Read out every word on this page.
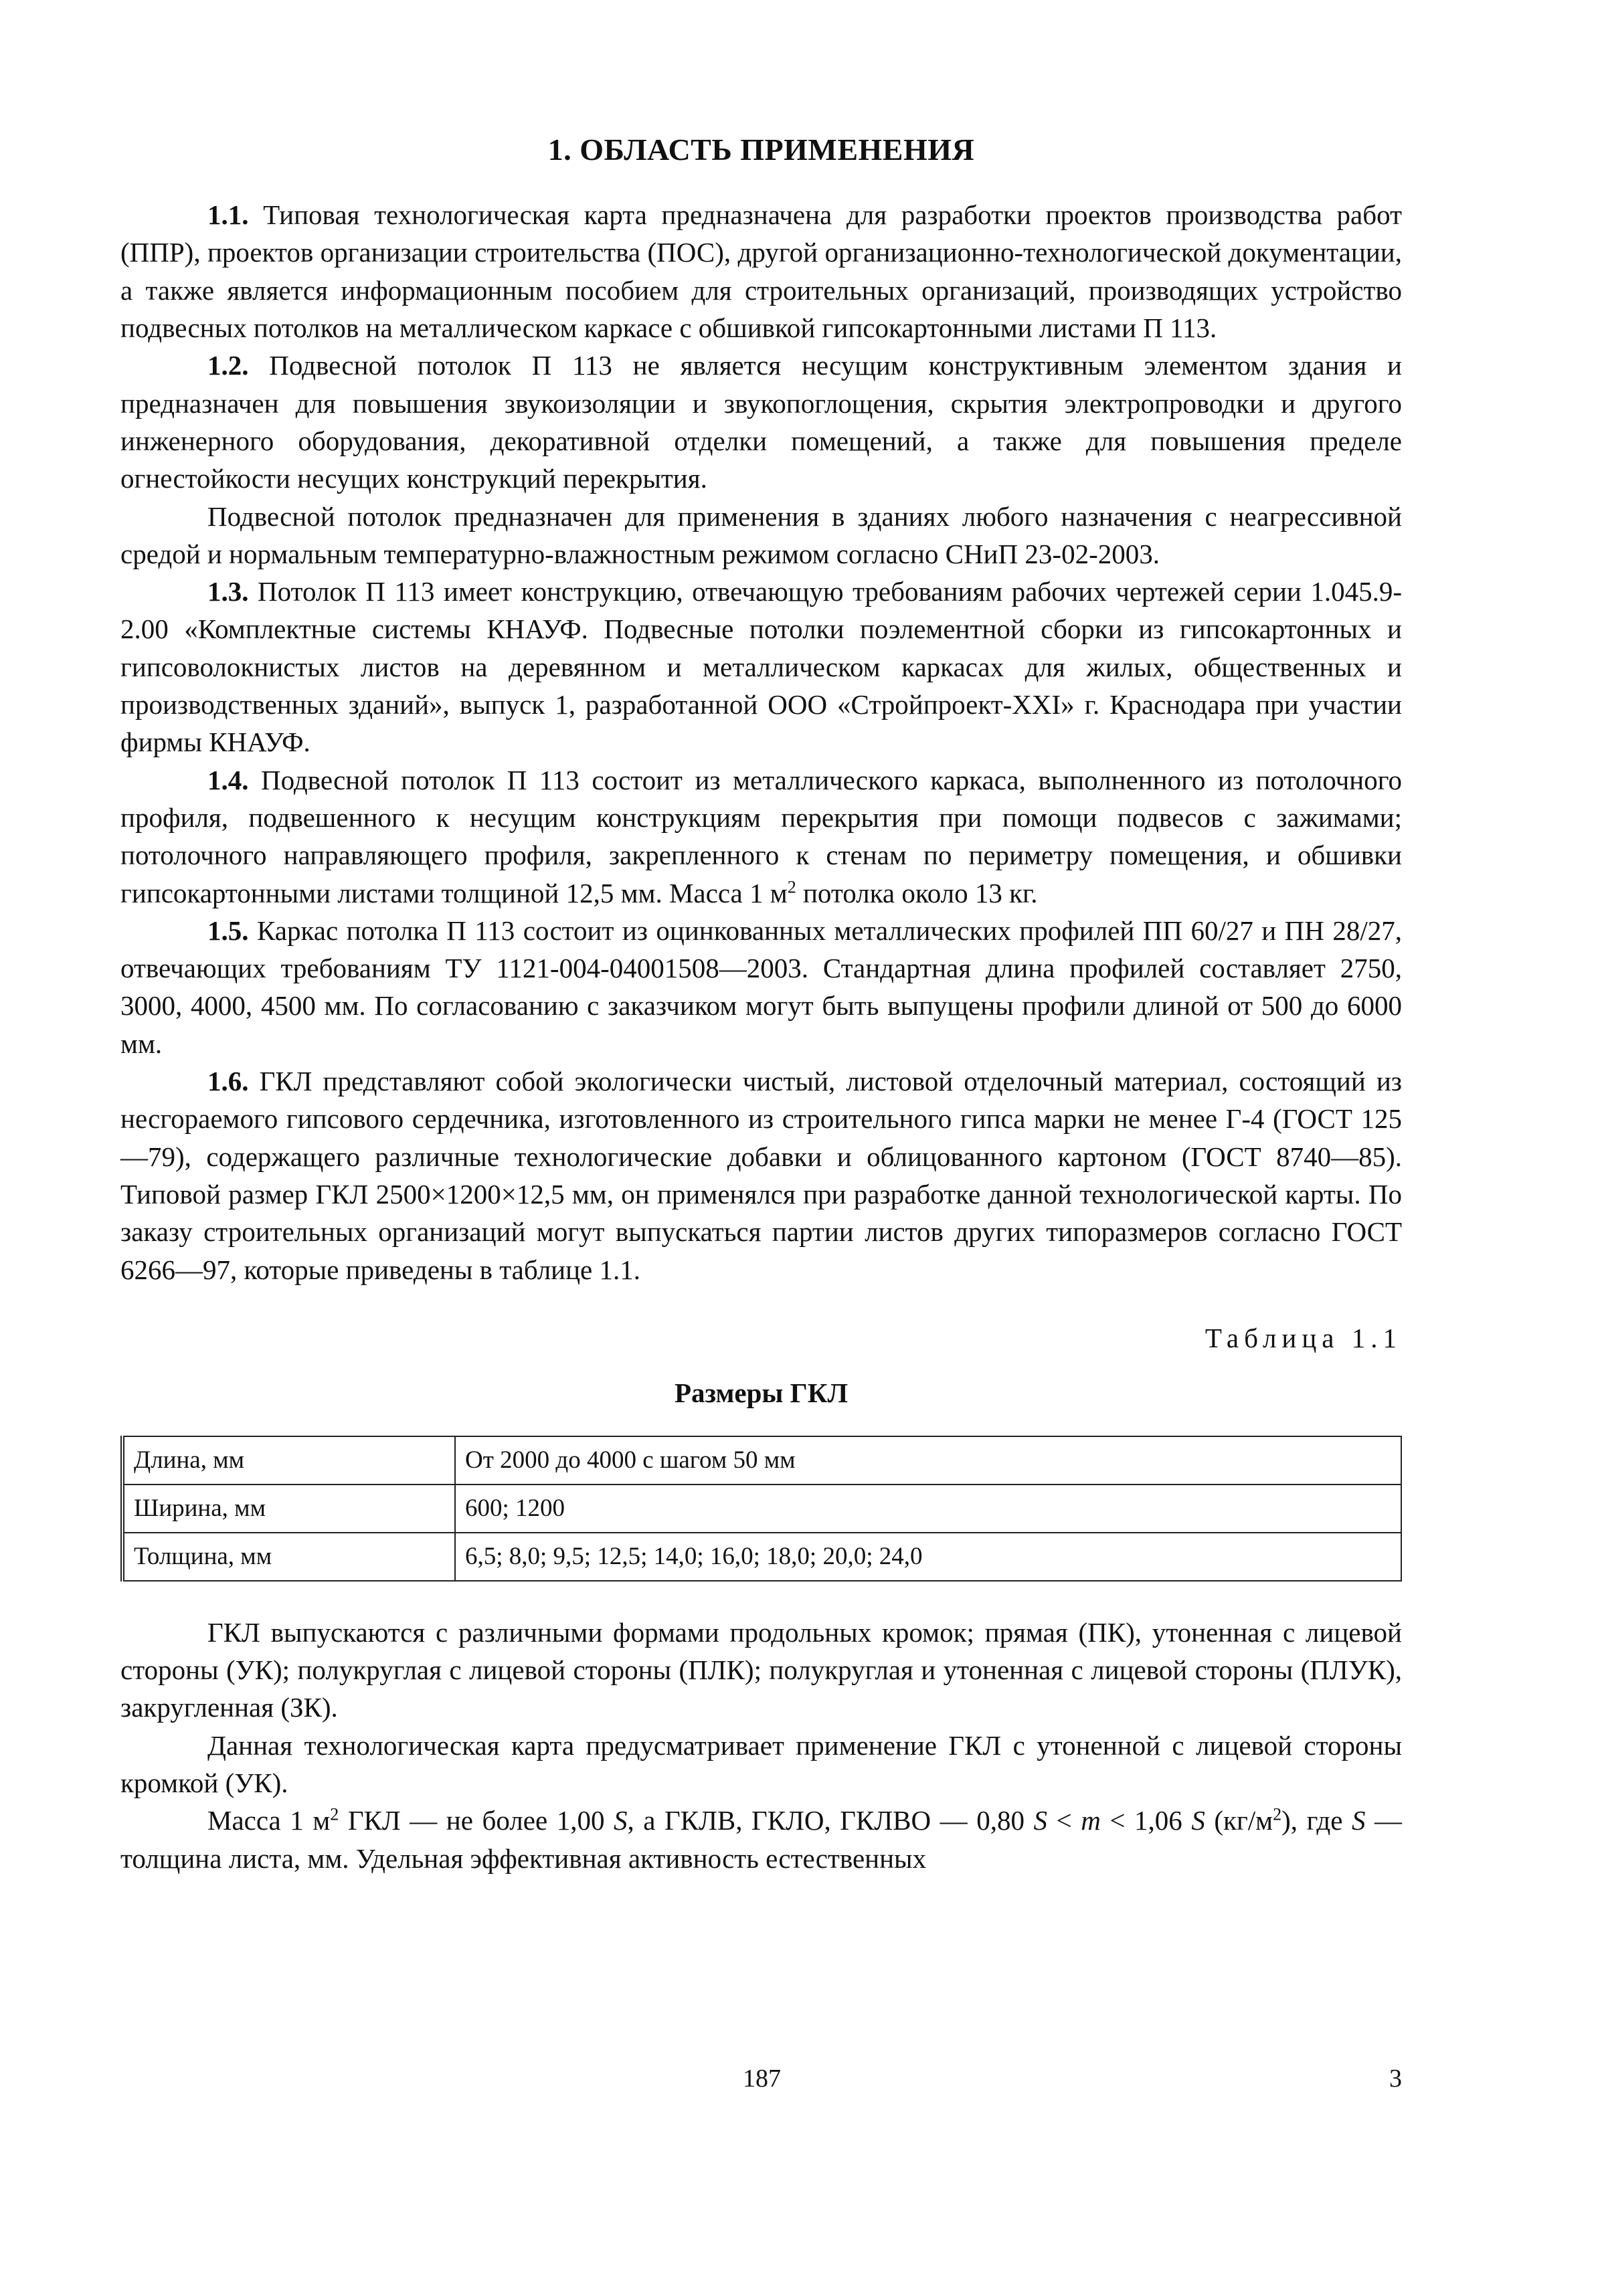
1. ОБЛАСТЬ ПРИМЕНЕНИЯ

1.1. Типовая технологическая карта предназначена для разработки проектов производства работ (ППР), проектов организации строительства (ПОС), другой организационно-технологической документации, а также является информационным пособием для строительных организаций, производящих устройство подвесных потолков на металлическом каркасе с обшивкой гипсокартонными листами П 113.

1.2. Подвесной потолок П 113 не является несущим конструктивным элементом здания и предназначен для повышения звукоизоляции и звукопоглощения, скрытия электропроводки и другого инженерного оборудования, декоративной отделки помещений, а также для повышения пределе огнестойкости несущих конструкций перекрытия.

Подвесной потолок предназначен для применения в зданиях любого назначения с неагрессивной средой и нормальным температурно-влажностным режимом согласно СНиП 23-02-2003.

1.3. Потолок П 113 имеет конструкцию, отвечающую требованиям рабочих чертежей серии 1.045.9-2.00 «Комплектные системы КНАУФ. Подвесные потолки поэлементной сборки из гипсокартонных и гипсоволокнистых листов на деревянном и металлическом каркасах для жилых, общественных и производственных зданий», выпуск 1, разработанной ООО «Стройпроект-XXI» г. Краснодара при участии фирмы КНАУФ.

1.4. Подвесной потолок П 113 состоит из металлического каркаса, выполненного из потолочного профиля, подвешенного к несущим конструкциям перекрытия при помощи подвесов с зажимами; потолочного направляющего профиля, закрепленного к стенам по периметру помещения, и обшивки гипсокартонными листами толщиной 12,5 мм. Масса 1 $м^2$ потолка около 13 кг.

1.5. Каркас потолка П 113 состоит из оцинкованных металлических профилей ПП 60/27 и ПН 28/27, отвечающих требованиям ТУ 1121-004-04001508—2003. Стандартная длина профилей составляет 2750, 3000, 4000, 4500 мм. По согласованию с заказчиком могут быть выпущены профили длиной от 500 до 6000 мм.

1.6. ГКЛ представляют собой экологически чистый, листовой отделочный материал, состоящий из несгораемого гипсового сердечника, изготовленного из строительного гипса марки не менее Г-4 (ГОСТ 125—79), содержащего различные технологические добавки и облицованного картоном (ГОСТ 8740—85). Типовой размер ГКЛ 2500×1200×12,5 мм, он применялся при разработке данной технологической карты. По заказу строительных организаций могут выпускаться партии листов других типоразмеров согласно ГОСТ 6266—97, которые приведены в таблице 1.1.

Таблица 1.1
Размеры ГКЛ
Длина, мм	От 2000 до 4000 с шагом 50 мм
Ширина, мм	600; 1200
Толщина, мм	6,5; 8,0; 9,5; 12,5; 14,0; 16,0; 18,0; 20,0; 24,0

ГКЛ выпускаются с различными формами продольных кромок; прямая (ПК), утоненная с лицевой стороны (УК); полукруглая с лицевой стороны (ПЛК); полукруглая и утоненная с лицевой стороны (ПЛУК), закругленная (ЗК).

Данная технологическая карта предусматривает применение ГКЛ с утоненной с лицевой стороны кромкой (УК).

Масса 1 $м^2$ ГКЛ — не более 1,00 S, а ГКЛВ, ГКЛО, ГКЛВО — 0,80 S < m < 1,06 S $(кг/м^2)$, где S — толщина листа, мм. Удельная эффективная активность естественных

187	3
